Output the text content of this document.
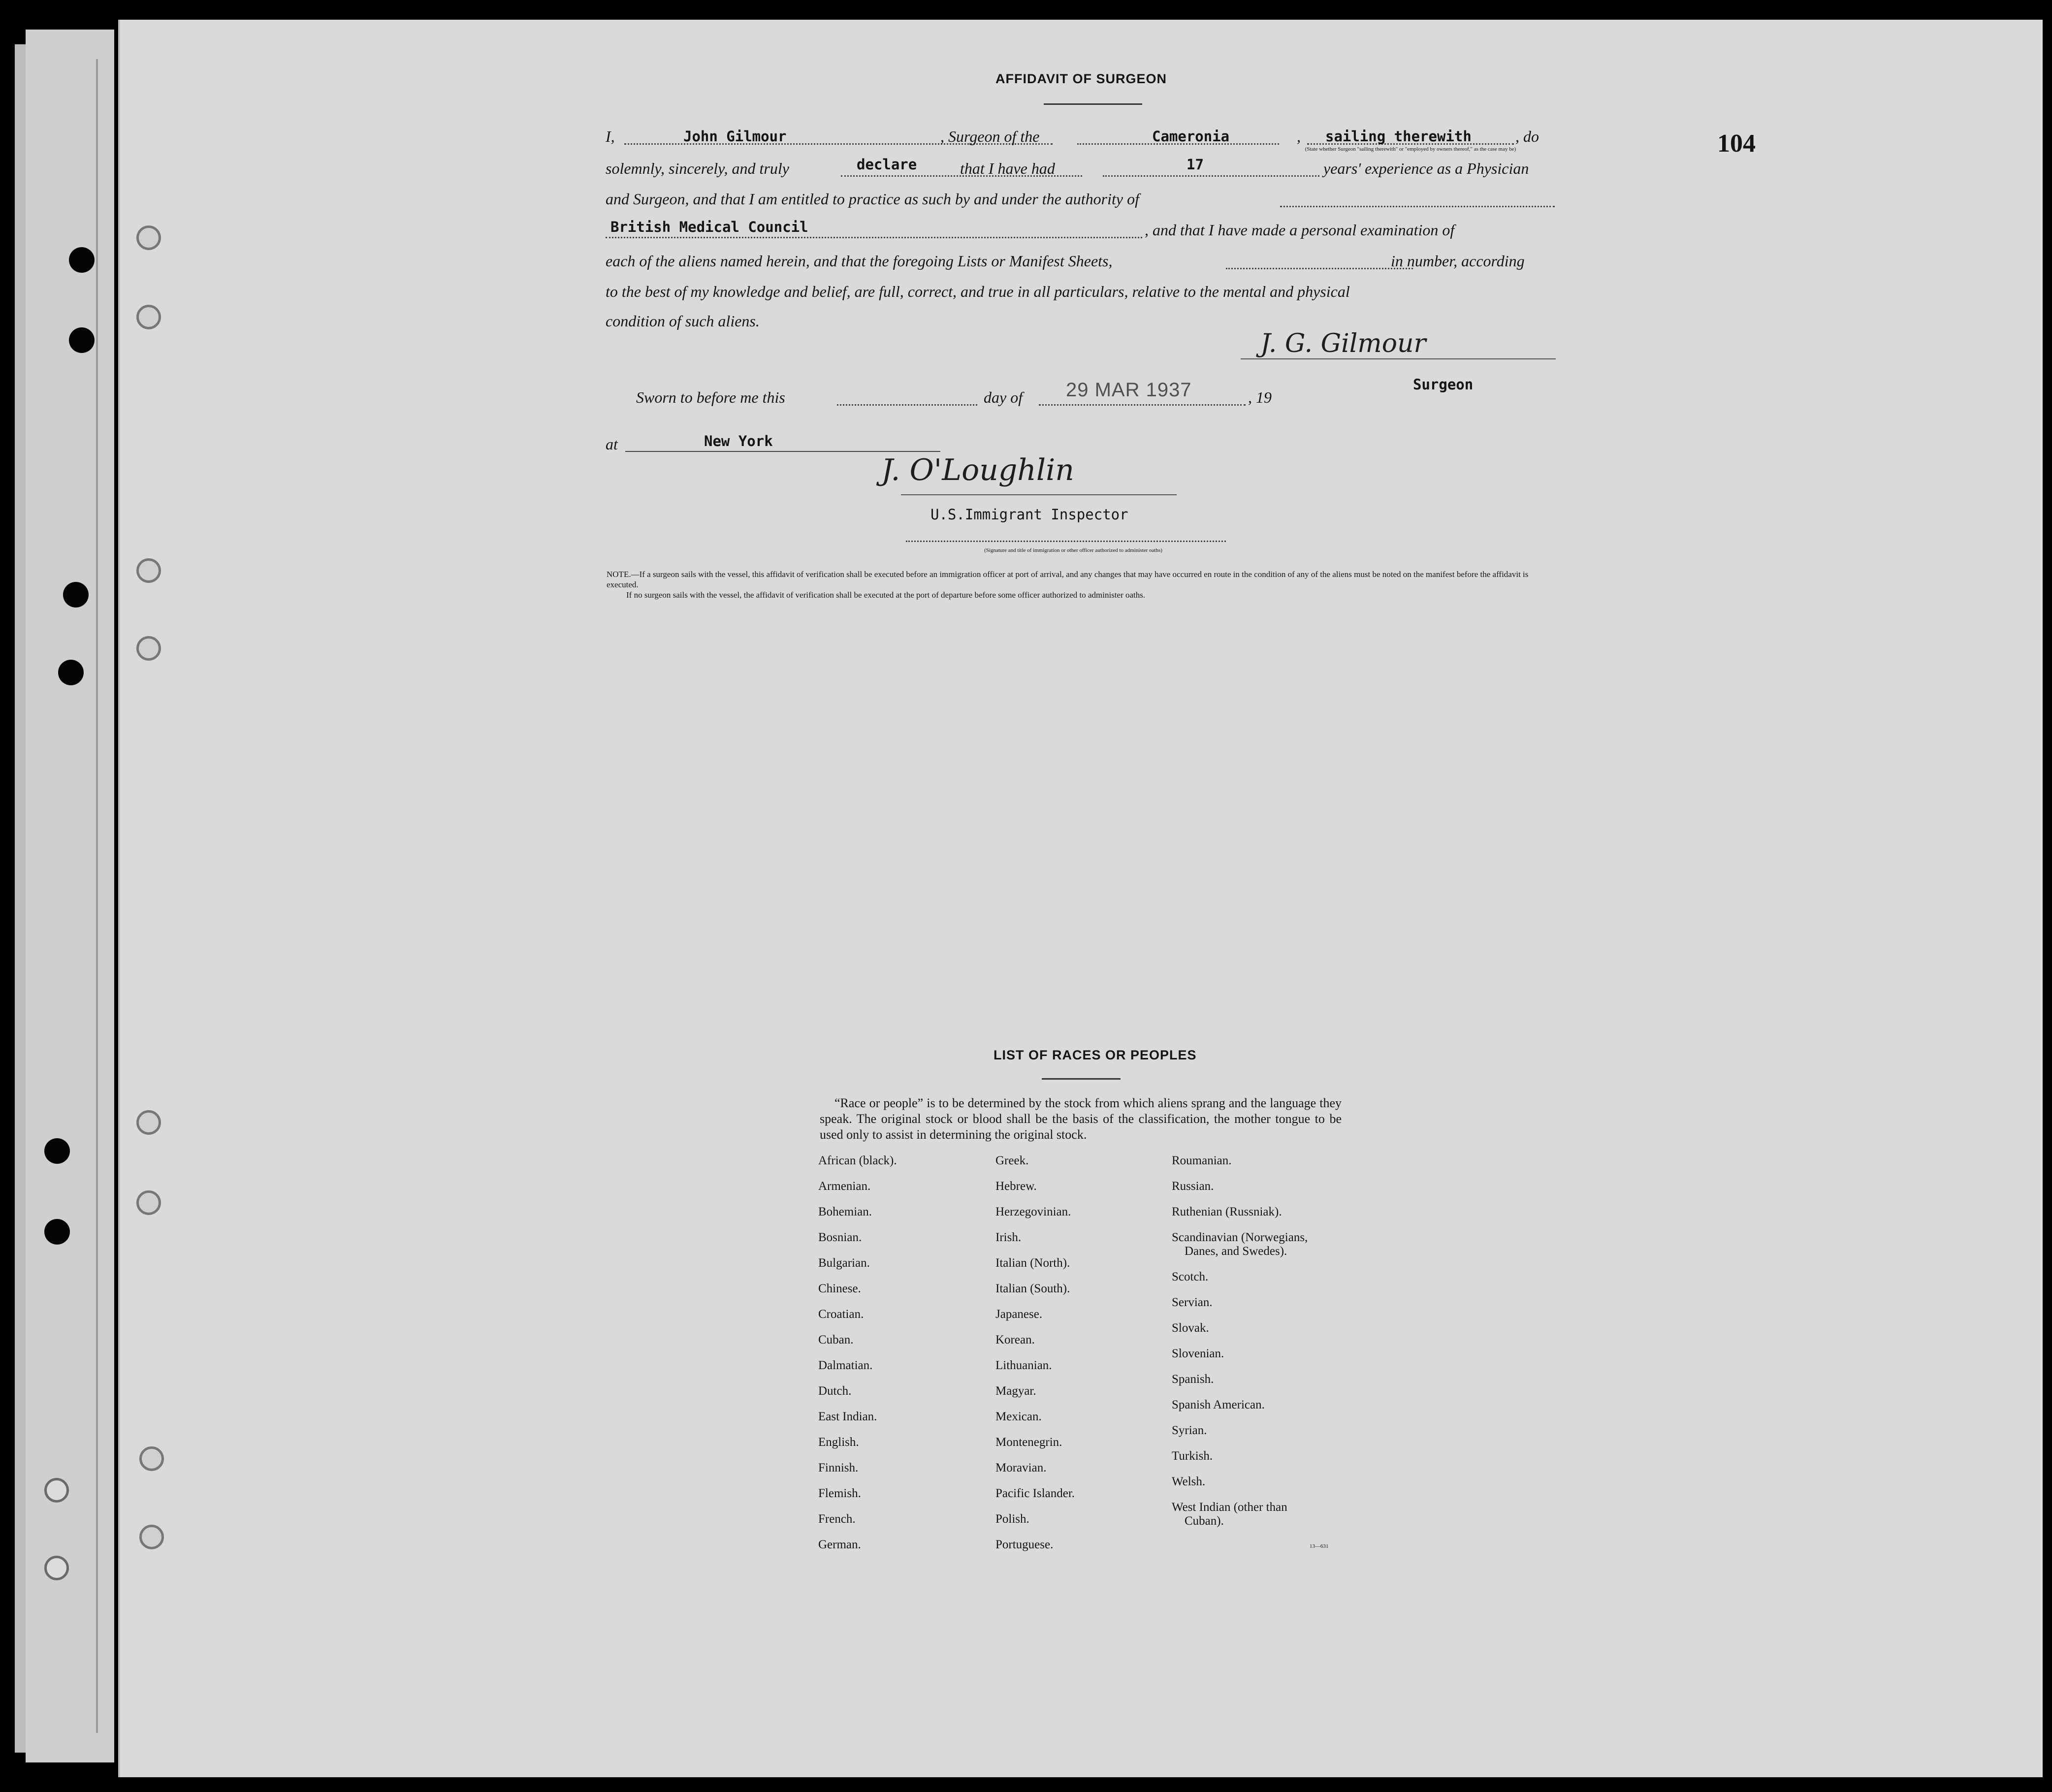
104
AFFIDAVIT OF SURGEON
I,	John Gilmour	, Surgeon of the	Cameronia	, sailing therewith	, do
(State whether Surgeon "sailing therewith" or "employed by owners thereof," as the case may be)
solemnly, sincerely, and truly	declare	that I have had	17	years' experience as a Physician
and Surgeon, and that I am entitled to practice as such by and under the authority of
British Medical Council	, and that I have made a personal examination of
each of the aliens named herein, and that the foregoing Lists or Manifest Sheets,	in number, according
to the best of my knowledge and belief, are full, correct, and true in all particulars, relative to the mental and physical
condition of such aliens.
J. G. Gilmour
Surgeon
Sworn to before me this	day of	, 19
29 MAR 1937
at	New York
J. O'Loughlin
U.S.Immigrant Inspector
(Signature and title of immigration or other officer authorized to administer oaths)
NOTE.—If a surgeon sails with the vessel, this affidavit of verification shall be executed before an immigration officer at port of arrival, and any changes that may have occurred en route in the condition of any of the aliens must be noted on the manifest before the affidavit is executed.
If no surgeon sails with the vessel, the affidavit of verification shall be executed at the port of departure before some officer authorized to administer oaths.
LIST OF RACES OR PEOPLES
“Race or people” is to be determined by the stock from which aliens sprang and the language they speak. The original stock or blood shall be the basis of the classification, the mother tongue to be used only to assist in determining the original stock.
African (black).
Armenian.
Bohemian.
Bosnian.
Bulgarian.
Chinese.
Croatian.
Cuban.
Dalmatian.
Dutch.
East Indian.
English.
Finnish.
Flemish.
French.
German.
Greek.
Hebrew.
Herzegovinian.
Irish.
Italian (North).
Italian (South).
Japanese.
Korean.
Lithuanian.
Magyar.
Mexican.
Montenegrin.
Moravian.
Pacific Islander.
Polish.
Portuguese.
Roumanian.
Russian.
Ruthenian (Russniak).
Scandinavian (Norwegians,
Danes, and Swedes).
Scotch.
Servian.
Slovak.
Slovenian.
Spanish.
Spanish American.
Syrian.
Turkish.
Welsh.
West Indian (other than
Cuban).
13—631
